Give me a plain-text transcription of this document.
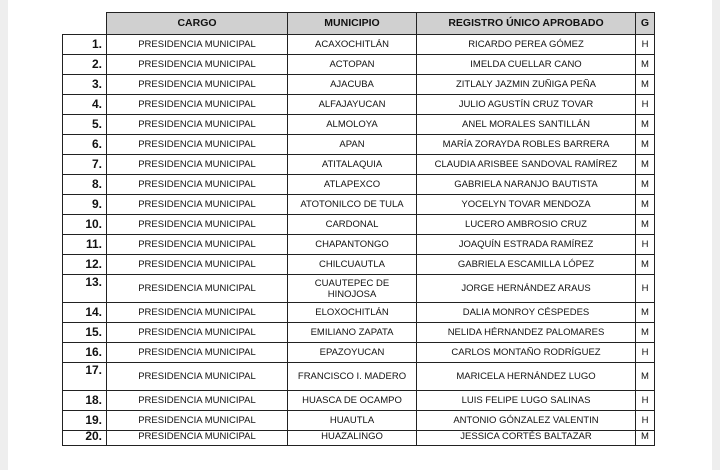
	CARGO	MUNICIPIO	REGISTRO ÚNICO APROBADO	G
1.	PRESIDENCIA MUNICIPAL	ACAXOCHITLÁN	RICARDO PEREA GÓMEZ	H
2.	PRESIDENCIA MUNICIPAL	ACTOPAN	IMELDA CUELLAR CANO	M
3.	PRESIDENCIA MUNICIPAL	AJACUBA	ZITLALY JAZMIN ZUÑIGA PEÑA	M
4.	PRESIDENCIA MUNICIPAL	ALFAJAYUCAN	JULIO AGUSTÍN CRUZ TOVAR	H
5.	PRESIDENCIA MUNICIPAL	ALMOLOYA	ANEL MORALES SANTILLÁN	M
6.	PRESIDENCIA MUNICIPAL	APAN	MARÍA ZORAYDA ROBLES BARRERA	M
7.	PRESIDENCIA MUNICIPAL	ATITALAQUIA	CLAUDIA ARISBEE SANDOVAL RAMÍREZ	M
8.	PRESIDENCIA MUNICIPAL	ATLAPEXCO	GABRIELA NARANJO BAUTISTA	M
9.	PRESIDENCIA MUNICIPAL	ATOTONILCO DE TULA	YOCELYN TOVAR MENDOZA	M
10.	PRESIDENCIA MUNICIPAL	CARDONAL	LUCERO AMBROSIO CRUZ	M
11.	PRESIDENCIA MUNICIPAL	CHAPANTONGO	JOAQUÍN ESTRADA RAMÍREZ	H
12.	PRESIDENCIA MUNICIPAL	CHILCUAUTLA	GABRIELA ESCAMILLA LÓPEZ	M
13.	PRESIDENCIA MUNICIPAL	CUAUTEPEC DE HINOJOSA	JORGE HERNÁNDEZ ARAUS	H
14.	PRESIDENCIA MUNICIPAL	ELOXOCHITLÁN	DALIA MONROY CÉSPEDES	M
15.	PRESIDENCIA MUNICIPAL	EMILIANO ZAPATA	NELIDA HÉRNANDEZ PALOMARES	M
16.	PRESIDENCIA MUNICIPAL	EPAZOYUCAN	CARLOS MONTAÑO RODRÍGUEZ	H
17.	PRESIDENCIA MUNICIPAL	FRANCISCO I. MADERO	MARICELA HERNÁNDEZ LUGO	M
18.	PRESIDENCIA MUNICIPAL	HUASCA DE OCAMPO	LUIS FELIPE LUGO SALINAS	H
19.	PRESIDENCIA MUNICIPAL	HUAUTLA	ANTONIO GÓNZALEZ VALENTIN	H
20.	PRESIDENCIA MUNICIPAL	HUAZALINGO	JESSICA CORTÉS BALTAZAR	M
